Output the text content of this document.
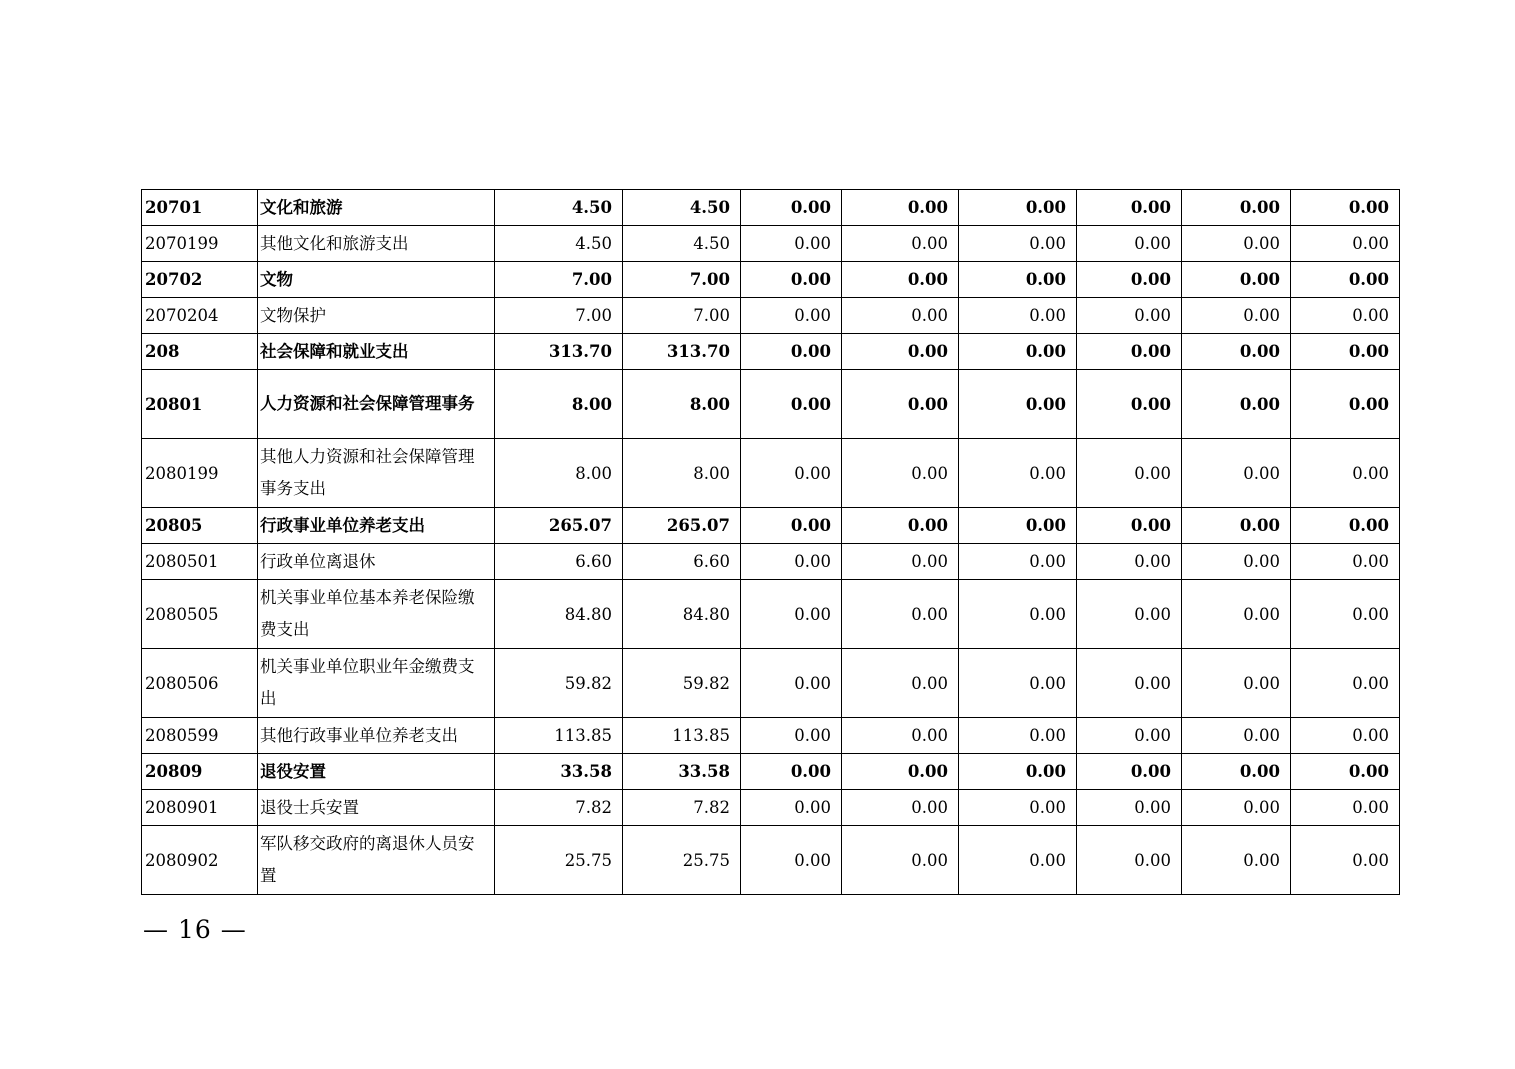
20701	文化和旅游	4.50	4.50	0.00	0.00	0.00	0.00	0.00	0.00
2070199	其他文化和旅游支出	4.50	4.50	0.00	0.00	0.00	0.00	0.00	0.00
20702	文物	7.00	7.00	0.00	0.00	0.00	0.00	0.00	0.00
2070204	文物保护	7.00	7.00	0.00	0.00	0.00	0.00	0.00	0.00
208	社会保障和就业支出	313.70	313.70	0.00	0.00	0.00	0.00	0.00	0.00
20801	人力资源和社会保障管理事务	8.00	8.00	0.00	0.00	0.00	0.00	0.00	0.00
2080199	其他人力资源和社会保障管理事务支出	8.00	8.00	0.00	0.00	0.00	0.00	0.00	0.00
20805	行政事业单位养老支出	265.07	265.07	0.00	0.00	0.00	0.00	0.00	0.00
2080501	行政单位离退休	6.60	6.60	0.00	0.00	0.00	0.00	0.00	0.00
2080505	机关事业单位基本养老保险缴费支出	84.80	84.80	0.00	0.00	0.00	0.00	0.00	0.00
2080506	机关事业单位职业年金缴费支出	59.82	59.82	0.00	0.00	0.00	0.00	0.00	0.00
2080599	其他行政事业单位养老支出	113.85	113.85	0.00	0.00	0.00	0.00	0.00	0.00
20809	退役安置	33.58	33.58	0.00	0.00	0.00	0.00	0.00	0.00
2080901	退役士兵安置	7.82	7.82	0.00	0.00	0.00	0.00	0.00	0.00
2080902	军队移交政府的离退休人员安置	25.75	25.75	0.00	0.00	0.00	0.00	0.00	0.00
— 16 —
